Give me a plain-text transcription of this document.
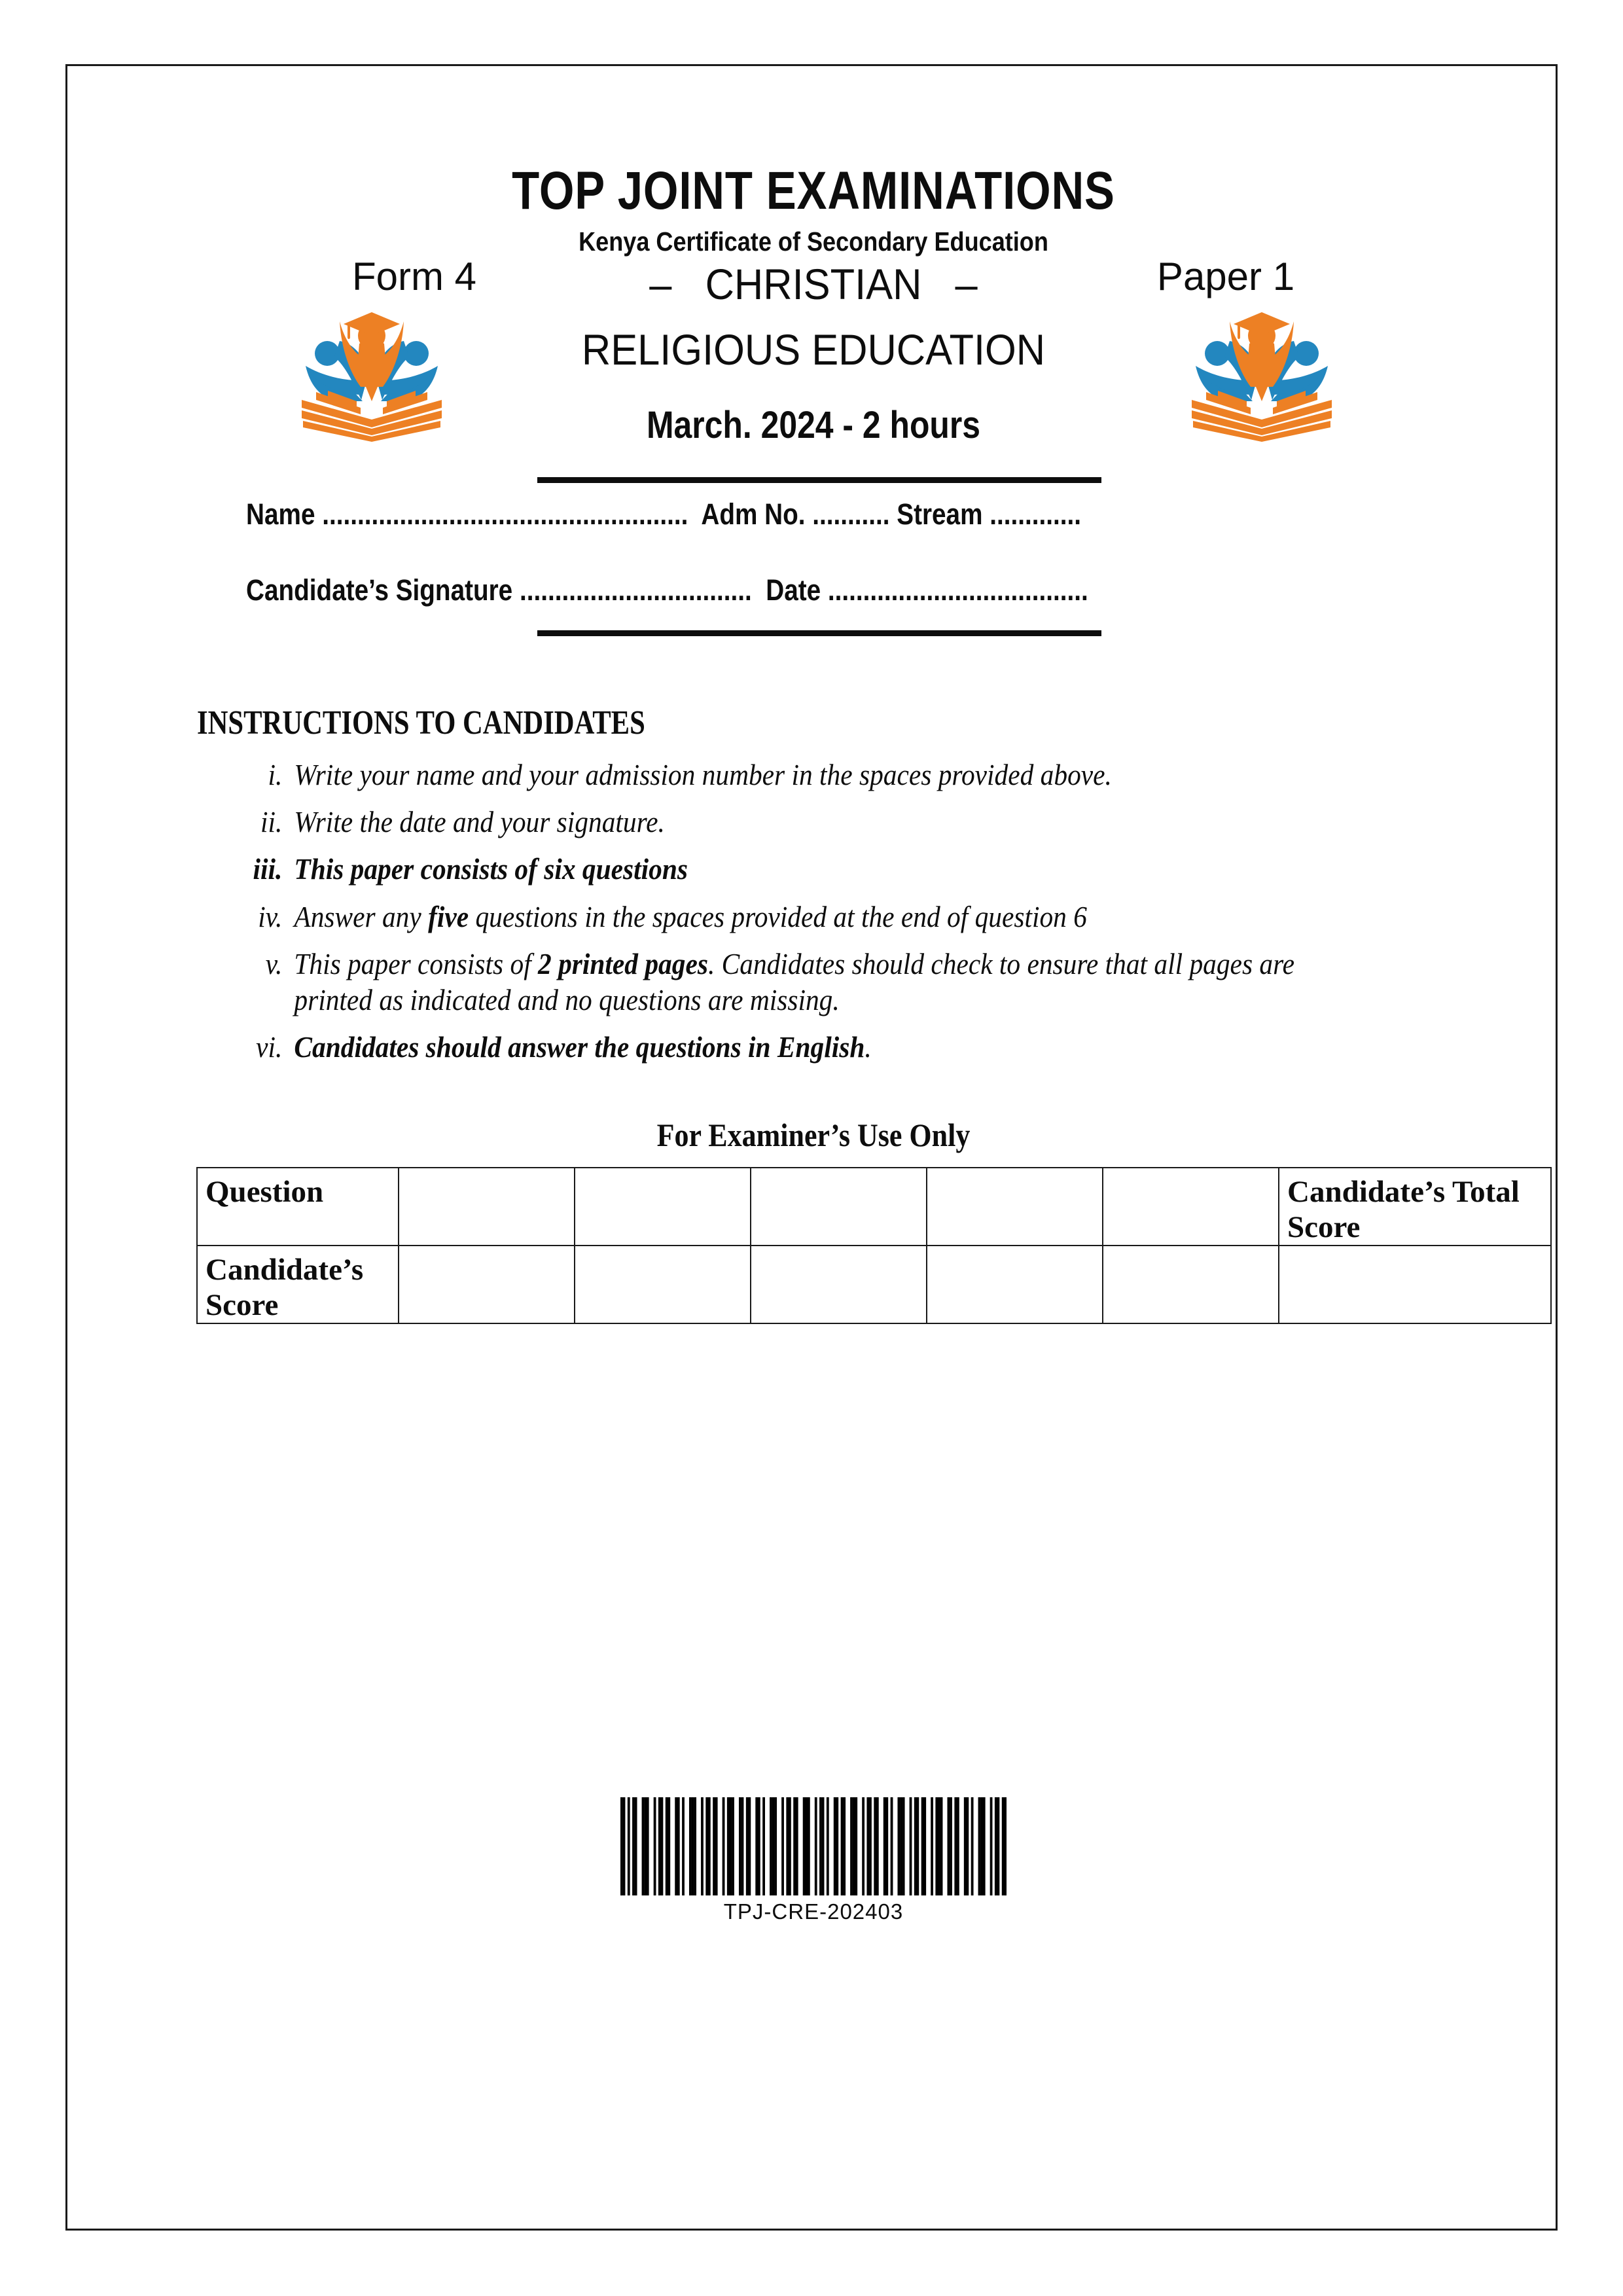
TOP JOINT EXAMINATIONS
Kenya Certificate of Secondary Education
Form 4	Paper 1
–   CHRISTIAN   –
RELIGIOUS EDUCATION
March. 2024 - 2 hours
Name ....................................................  Adm No. ........... Stream .............
Candidate’s Signature .................................  Date .....................................
INSTRUCTIONS TO CANDIDATES
i. Write your name and your admission number in the spaces provided above.
ii. Write the date and your signature.
iii. This paper consists of six questions
iv. Answer any five questions in the spaces provided at the end of question 6
v. This paper consists of 2 printed pages. Candidates should check to ensure that all pages are printed as indicated and no questions are missing.
vi. Candidates should answer the questions in English.
For Examiner’s Use Only
Question						Candidate’s Total Score
Candidate’s Score						
TPJ-CRE-202403
